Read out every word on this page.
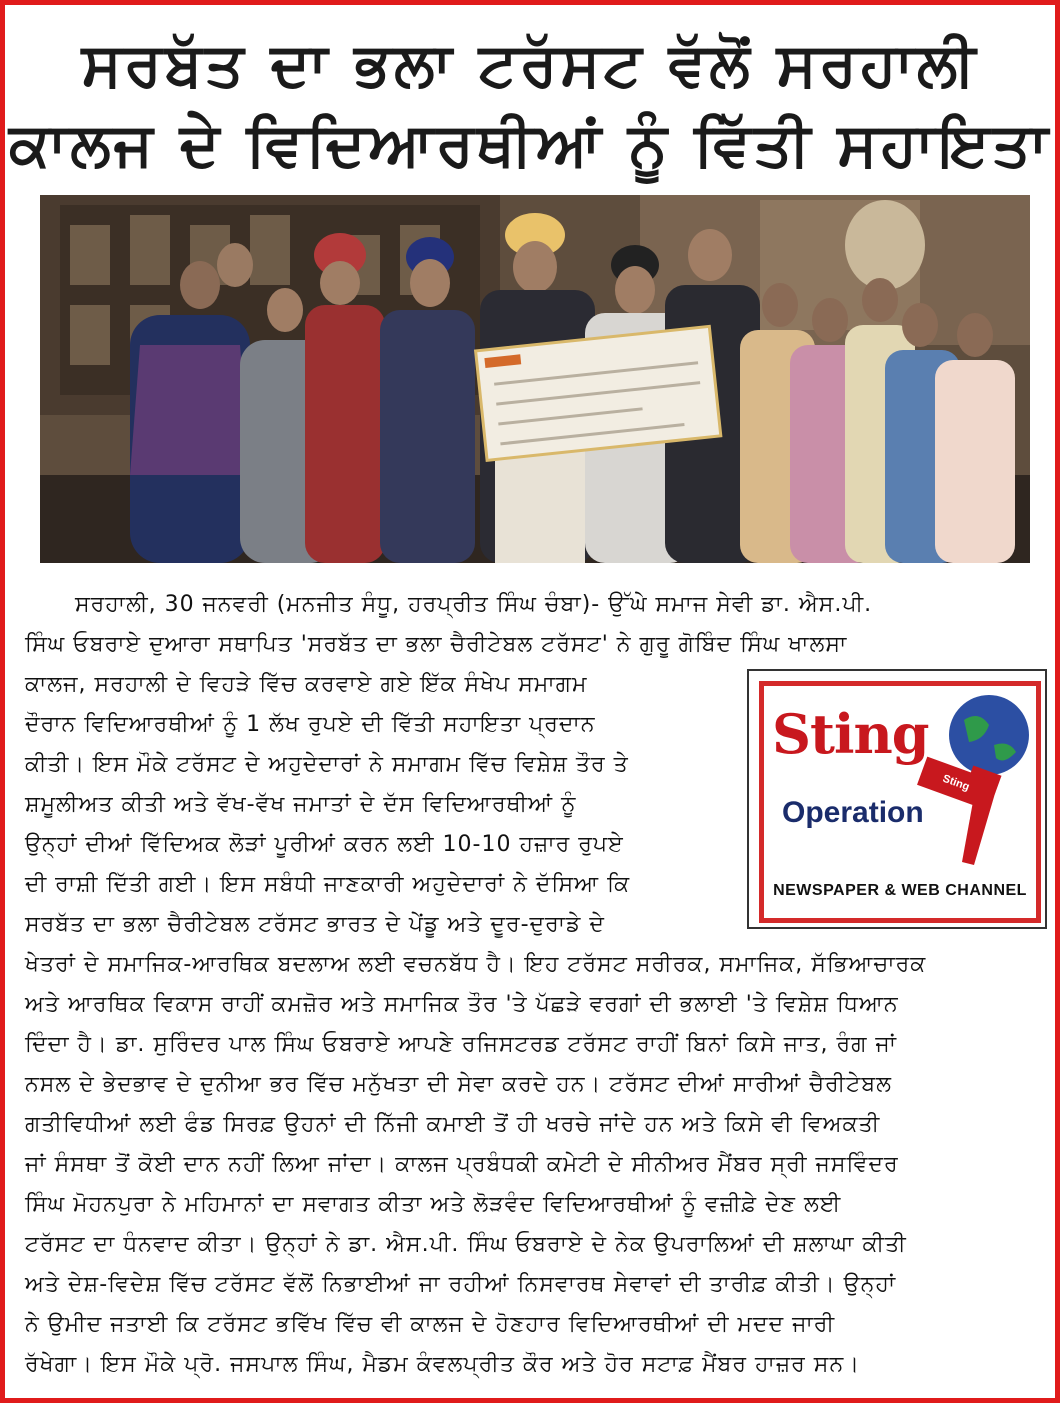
ਸਰਬੱਤ ਦਾ ਭਲਾ ਟਰੱਸਟ ਵੱਲੋਂ ਸਰਹਾਲੀ
ਕਾਲਜ ਦੇ ਵਿਦਿਆਰਥੀਆਂ ਨੂੰ ਵਿੱਤੀ ਸਹਾਇਤਾ
ਸਰਹਾਲੀ, 30 ਜਨਵਰੀ (ਮਨਜੀਤ ਸੰਧੂ, ਹਰਪ੍ਰੀਤ ਸਿੰਘ ਚੰਬਾ)- ਉੱਘੇ ਸਮਾਜ ਸੇਵੀ ਡਾ. ਐਸ.ਪੀ.
ਸਿੰਘ ਓਬਰਾਏ ਦੁਆਰਾ ਸਥਾਪਿਤ 'ਸਰਬੱਤ ਦਾ ਭਲਾ ਚੈਰੀਟੇਬਲ ਟਰੱਸਟ' ਨੇ ਗੁਰੂ ਗੋਬਿੰਦ ਸਿੰਘ ਖਾਲਸਾ
ਕਾਲਜ, ਸਰਹਾਲੀ ਦੇ ਵਿਹੜੇ ਵਿੱਚ ਕਰਵਾਏ ਗਏ ਇੱਕ ਸੰਖੇਪ ਸਮਾਗਮ
ਦੌਰਾਨ ਵਿਦਿਆਰਥੀਆਂ ਨੂੰ 1 ਲੱਖ ਰੁਪਏ ਦੀ ਵਿੱਤੀ ਸਹਾਇਤਾ ਪ੍ਰਦਾਨ
ਕੀਤੀ। ਇਸ ਮੌਕੇ ਟਰੱਸਟ ਦੇ ਅਹੁਦੇਦਾਰਾਂ ਨੇ ਸਮਾਗਮ ਵਿੱਚ ਵਿਸ਼ੇਸ਼ ਤੌਰ ਤੇ
ਸ਼ਮੂਲੀਅਤ ਕੀਤੀ ਅਤੇ ਵੱਖ-ਵੱਖ ਜਮਾਤਾਂ ਦੇ ਦੱਸ ਵਿਦਿਆਰਥੀਆਂ ਨੂੰ
ਉਨ੍ਹਾਂ ਦੀਆਂ ਵਿੱਦਿਅਕ ਲੋੜਾਂ ਪੂਰੀਆਂ ਕਰਨ ਲਈ 10-10 ਹਜ਼ਾਰ ਰੁਪਏ
ਦੀ ਰਾਸ਼ੀ ਦਿੱਤੀ ਗਈ। ਇਸ ਸਬੰਧੀ ਜਾਣਕਾਰੀ ਅਹੁਦੇਦਾਰਾਂ ਨੇ ਦੱਸਿਆ ਕਿ
ਸਰਬੱਤ ਦਾ ਭਲਾ ਚੈਰੀਟੇਬਲ ਟਰੱਸਟ ਭਾਰਤ ਦੇ ਪੇਂਡੂ ਅਤੇ ਦੂਰ-ਦੁਰਾਡੇ ਦੇ
ਖੇਤਰਾਂ ਦੇ ਸਮਾਜਿਕ-ਆਰਥਿਕ ਬਦਲਾਅ ਲਈ ਵਚਨਬੱਧ ਹੈ। ਇਹ ਟਰੱਸਟ ਸਰੀਰਕ, ਸਮਾਜਿਕ, ਸੱਭਿਆਚਾਰਕ
ਅਤੇ ਆਰਥਿਕ ਵਿਕਾਸ ਰਾਹੀਂ ਕਮਜ਼ੋਰ ਅਤੇ ਸਮਾਜਿਕ ਤੌਰ 'ਤੇ ਪੱਛੜੇ ਵਰਗਾਂ ਦੀ ਭਲਾਈ 'ਤੇ ਵਿਸ਼ੇਸ਼ ਧਿਆਨ
ਦਿੰਦਾ ਹੈ। ਡਾ. ਸੁਰਿੰਦਰ ਪਾਲ ਸਿੰਘ ਓਬਰਾਏ ਆਪਣੇ ਰਜਿਸਟਰਡ ਟਰੱਸਟ ਰਾਹੀਂ ਬਿਨਾਂ ਕਿਸੇ ਜਾਤ, ਰੰਗ ਜਾਂ
ਨਸਲ ਦੇ ਭੇਦਭਾਵ ਦੇ ਦੁਨੀਆ ਭਰ ਵਿੱਚ ਮਨੁੱਖਤਾ ਦੀ ਸੇਵਾ ਕਰਦੇ ਹਨ। ਟਰੱਸਟ ਦੀਆਂ ਸਾਰੀਆਂ ਚੈਰੀਟੇਬਲ
ਗਤੀਵਿਧੀਆਂ ਲਈ ਫੰਡ ਸਿਰਫ਼ ਉਹਨਾਂ ਦੀ ਨਿੱਜੀ ਕਮਾਈ ਤੋਂ ਹੀ ਖਰਚੇ ਜਾਂਦੇ ਹਨ ਅਤੇ ਕਿਸੇ ਵੀ ਵਿਅਕਤੀ
ਜਾਂ ਸੰਸਥਾ ਤੋਂ ਕੋਈ ਦਾਨ ਨਹੀਂ ਲਿਆ ਜਾਂਦਾ। ਕਾਲਜ ਪ੍ਰਬੰਧਕੀ ਕਮੇਟੀ ਦੇ ਸੀਨੀਅਰ ਮੈਂਬਰ ਸ੍ਰੀ ਜਸਵਿੰਦਰ
ਸਿੰਘ ਮੋਹਨਪੁਰਾ ਨੇ ਮਹਿਮਾਨਾਂ ਦਾ ਸਵਾਗਤ ਕੀਤਾ ਅਤੇ ਲੋੜਵੰਦ ਵਿਦਿਆਰਥੀਆਂ ਨੂੰ ਵਜ਼ੀਫ਼ੇ ਦੇਣ ਲਈ
ਟਰੱਸਟ ਦਾ ਧੰਨਵਾਦ ਕੀਤਾ। ਉਨ੍ਹਾਂ ਨੇ ਡਾ. ਐਸ.ਪੀ. ਸਿੰਘ ਓਬਰਾਏ ਦੇ ਨੇਕ ਉਪਰਾਲਿਆਂ ਦੀ ਸ਼ਲਾਘਾ ਕੀਤੀ
ਅਤੇ ਦੇਸ਼-ਵਿਦੇਸ਼ ਵਿੱਚ ਟਰੱਸਟ ਵੱਲੋਂ ਨਿਭਾਈਆਂ ਜਾ ਰਹੀਆਂ ਨਿਸਵਾਰਥ ਸੇਵਾਵਾਂ ਦੀ ਤਾਰੀਫ਼ ਕੀਤੀ। ਉਨ੍ਹਾਂ
ਨੇ ਉਮੀਦ ਜਤਾਈ ਕਿ ਟਰੱਸਟ ਭਵਿੱਖ ਵਿੱਚ ਵੀ ਕਾਲਜ ਦੇ ਹੋਣਹਾਰ ਵਿਦਿਆਰਥੀਆਂ ਦੀ ਮਦਦ ਜਾਰੀ
ਰੱਖੇਗਾ। ਇਸ ਮੌਕੇ ਪ੍ਰੋ. ਜਸਪਾਲ ਸਿੰਘ, ਮੈਡਮ ਕੰਵਲਪ੍ਰੀਤ ਕੌਰ ਅਤੇ ਹੋਰ ਸਟਾਫ਼ ਮੈਂਬਰ ਹਾਜ਼ਰ ਸਨ।
Sting
Sting Operation
Operation
NEWSPAPER & WEB CHANNEL
